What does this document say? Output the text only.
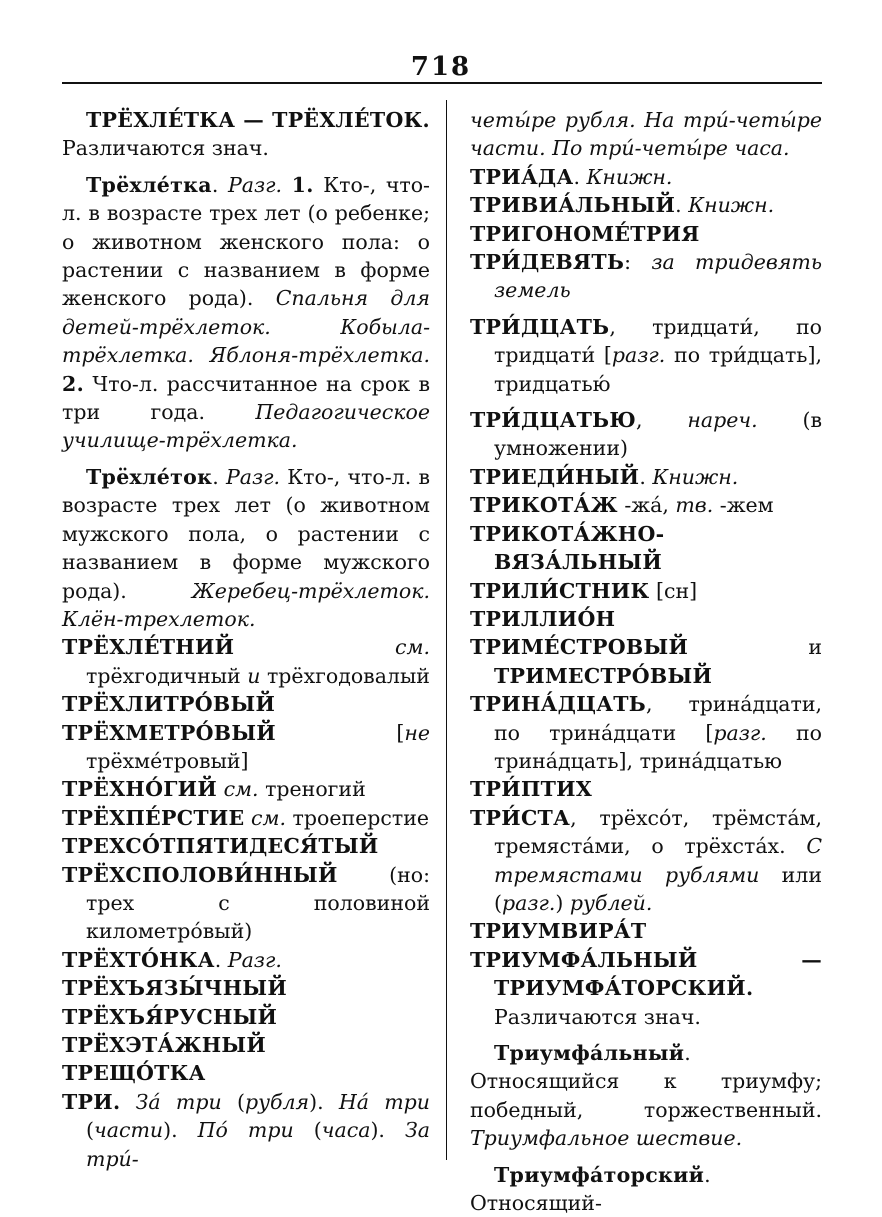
718

ТРЁХЛЕ́ТКА — ТРЁХЛЕ́ТОК. Различаются знач.

Трёхле́тка. Разг. 1. Кто-, что-л. в возрасте трех лет (о ребенке; о животном женского пола: о растении с названием в форме женского рода). Спальня для детей-трёхлеток. Кобыла-трёхлетка. Яблоня-трёхлетка. 2. Что-л. рассчитанное на срок в три года. Педагогическое училище-трёхлетка.

Трёхле́ток. Разг. Кто-, что-л. в возрасте трех лет (о животном мужского пола, о растении с названием в форме мужского рода). Жеребец-трёхлеток. Клён-трехлеток.

ТРЁХЛЕ́ТНИЙ	см. трёхгодичный и трёхгодовалый

ТРЁХЛИТРО́ВЫЙ

ТРЁХМЕТРО́ВЫЙ [не трёхме́тровый]

ТРЁХНО́ГИЙ см. треногий

ТРЁХПЕ́РСТИЕ см. троеперстие

ТРЕХСО́ТПЯТИДЕСЯ́ТЫЙ

ТРЁХСПОЛОВИ́ННЫЙ (но: трех с половиной километро́вый)

ТРЁХТО́НКА. Разг.

ТРЁХЪЯЗЫ́ЧНЫЙ

ТРЁХЪЯ́РУСНЫЙ

ТРЁХЭТА́ЖНЫЙ

ТРЕЩО́ТКА

ТРИ. За́ три (рубля). На́ три (части). По́ три (часа). За три́-

четы́ре рубля. На три́-четы́ре части. По три́-четы́ре часа.

ТРИА́ДА. Книжн.

ТРИВИА́ЛЬНЫЙ. Книжн.

ТРИГОНОМЕ́ТРИЯ

ТРИ́ДЕВЯТЬ: за тридевять земель

ТРИ́ДЦАТЬ, тридцати́, по тридцати́ [разг. по три́дцать], тридцатью́

ТРИ́ДЦАТЬЮ, нареч. (в умножении)

ТРИЕДИ́НЫЙ. Книжн.

ТРИКОТА́Ж -жа́, тв. -жем

ТРИКОТА́ЖНО-ВЯЗА́ЛЬНЫЙ

ТРИЛИ́СТНИК [сн]

ТРИЛЛИО́Н

ТРИМЕ́СТРОВЫЙ и ТРИМЕСТРО́ВЫЙ

ТРИНА́ДЦАТЬ, трина́дцати, по трина́дцати [разг. по трина́дцать], трина́дцатью

ТРИ́ПТИХ

ТРИ́СТА, трёхсо́т, трёмста́м, тремяста́ми, о трёхста́х. С тремястами рублями или (разг.) рублей.

ТРИУМВИРА́Т

ТРИУМФА́ЛЬНЫЙ — ТРИУМФА́ТОРСКИЙ. Различаются знач.

Триумфа́льный. Относящийся к триумфу; победный, торжественный. Триумфальное шествие.

Триумфа́торский. Относящий-
